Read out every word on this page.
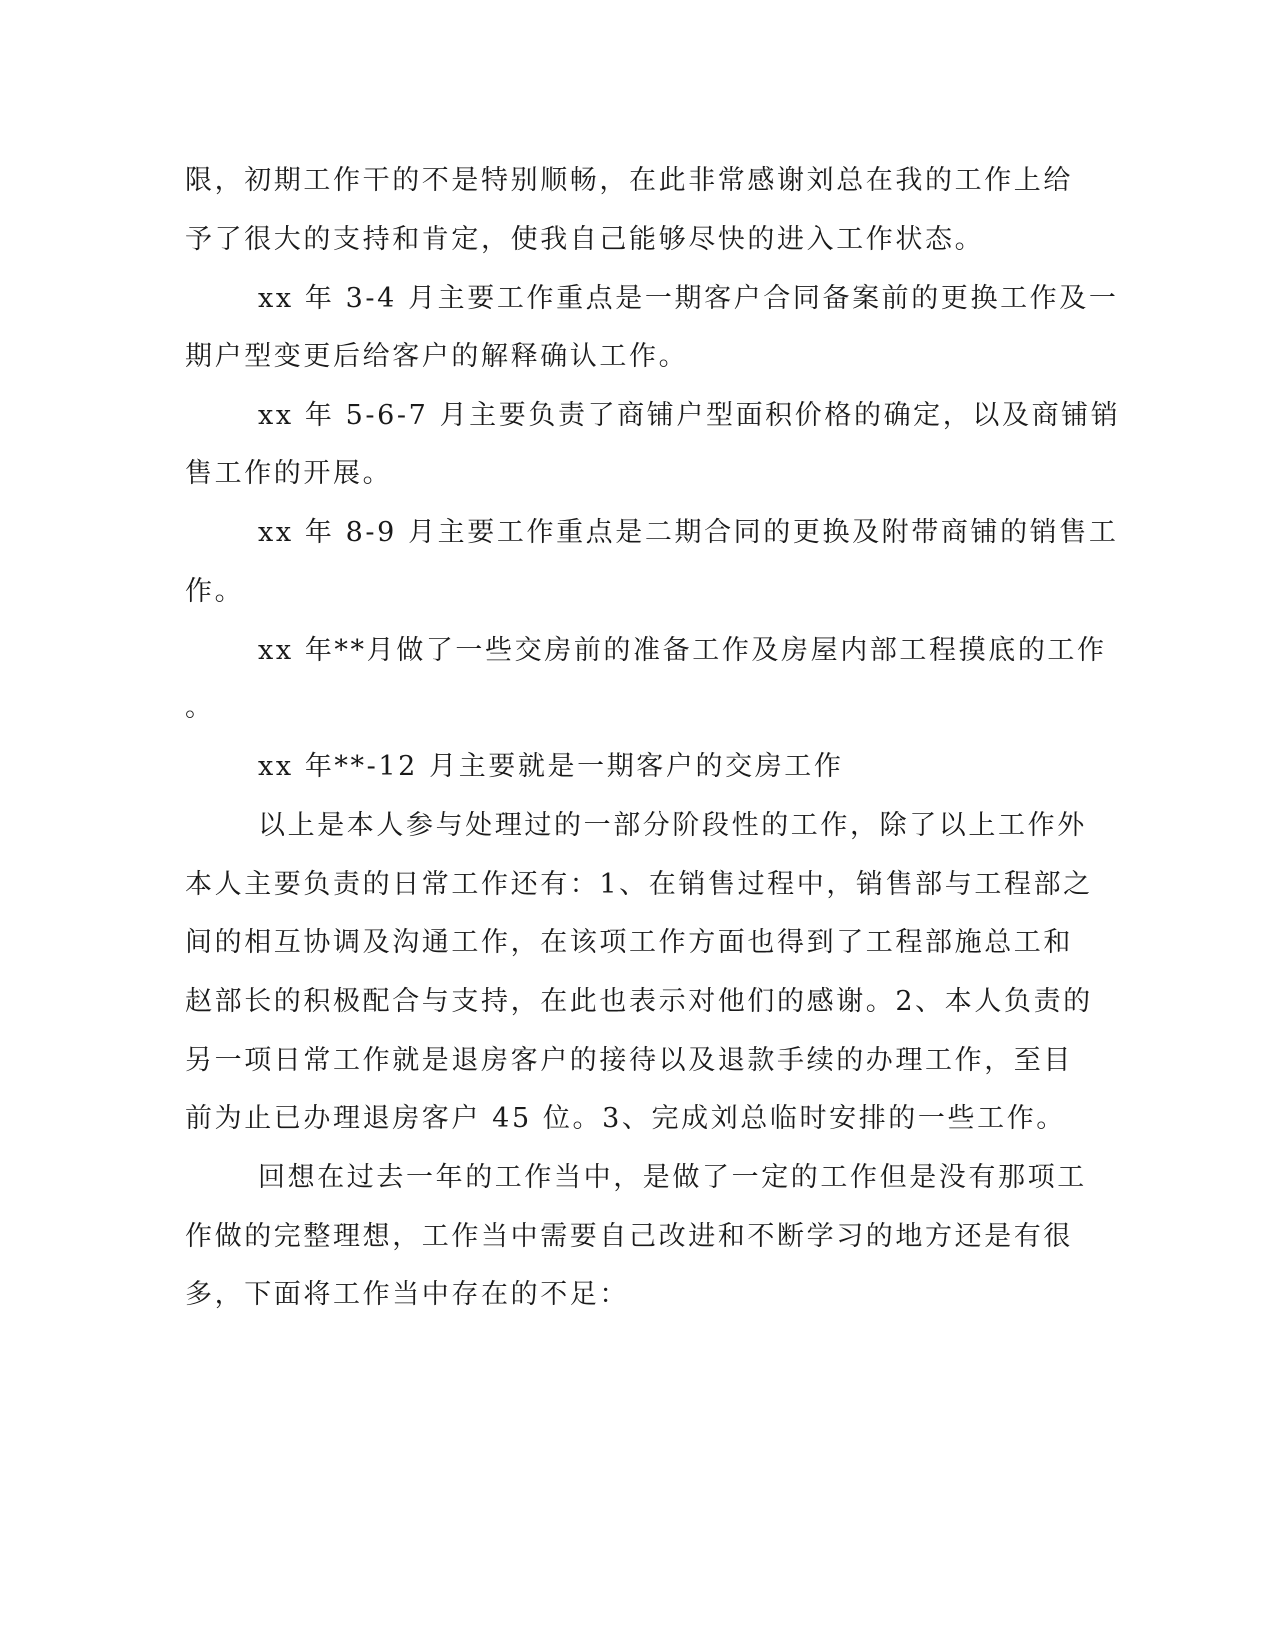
限，初期工作干的不是特别顺畅，在此非常感谢刘总在我的工作上给

予了很大的支持和肯定，使我自己能够尽快的进入工作状态。

xx 年 3-4 月主要工作重点是一期客户合同备案前的更换工作及一

期户型变更后给客户的解释确认工作。

xx 年 5-6-7 月主要负责了商铺户型面积价格的确定，以及商铺销

售工作的开展。

xx 年 8-9 月主要工作重点是二期合同的更换及附带商铺的销售工

作。

xx 年**月做了一些交房前的准备工作及房屋内部工程摸底的工作

。

xx 年**-12 月主要就是一期客户的交房工作

以上是本人参与处理过的一部分阶段性的工作，除了以上工作外

本人主要负责的日常工作还有：1、在销售过程中，销售部与工程部之

间的相互协调及沟通工作，在该项工作方面也得到了工程部施总工和

赵部长的积极配合与支持，在此也表示对他们的感谢。2、本人负责的

另一项日常工作就是退房客户的接待以及退款手续的办理工作，至目

前为止已办理退房客户 45 位。3、完成刘总临时安排的一些工作。

回想在过去一年的工作当中，是做了一定的工作但是没有那项工

作做的完整理想，工作当中需要自己改进和不断学习的地方还是有很

多，下面将工作当中存在的不足：
